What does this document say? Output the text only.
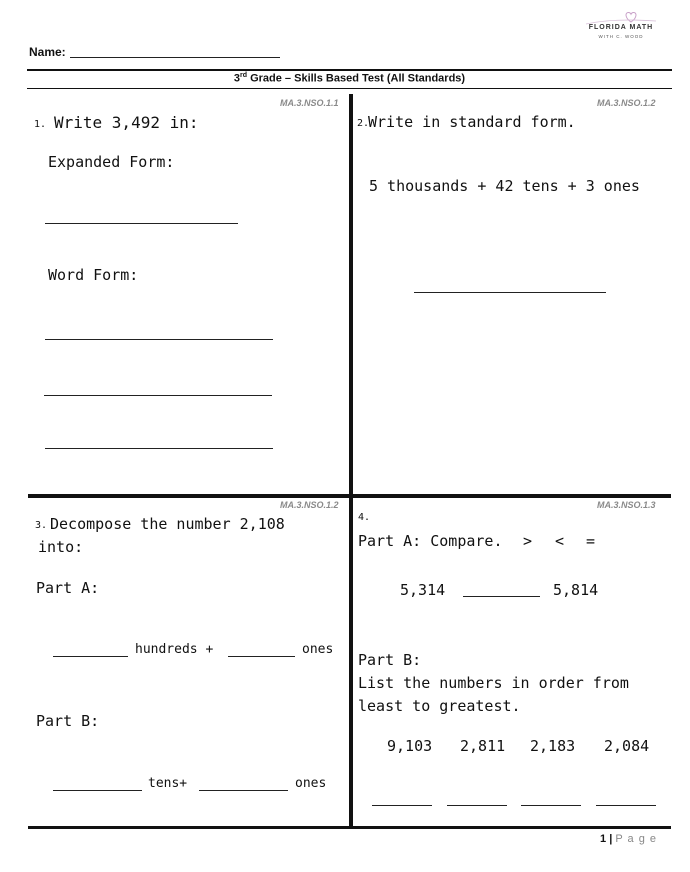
FLORIDA MATH
WITH C. WOOD
Name:
3rd Grade – Skills Based Test (All Standards)
MA.3.NSO.1.1
1. Write 3,492 in:
Expanded Form:
Word Form:
MA.3.NSO.1.2
2.
Write in standard form.
5 thousands + 42 tens + 3 ones
MA.3.NSO.1.2
3. Decompose the number 2,108
into:
Part A:
hundreds +	ones
Part B:
tens+	ones
MA.3.NSO.1.3
4.
Part A: Compare. > < =
5,314	5,814
Part B:
List the numbers in order from
least to greatest.
9,103 2,811 2,183 2,084
1 | P a g e
